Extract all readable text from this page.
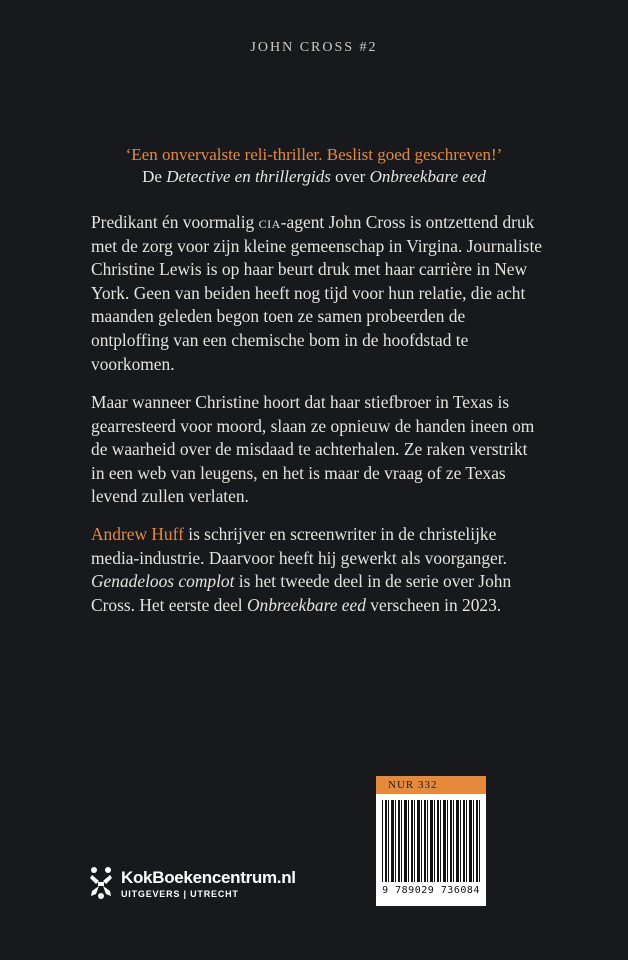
JOHN CROSS #2
‘Een onvervalste reli-thriller. Beslist goed geschreven!’
De Detective en thrillergids over Onbreekbare eed

Predikant én voormalig cia-agent John Cross is ontzettend druk met de zorg voor zijn kleine gemeenschap in Virgina. Journaliste Christine Lewis is op haar beurt druk met haar carrière in New York. Geen van beiden heeft nog tijd voor hun relatie, die acht maanden geleden begon toen ze samen probeerden de ontploffing van een chemische bom in de hoofdstad te voorkomen.

Maar wanneer Christine hoort dat haar stiefbroer in Texas is gearresteerd voor moord, slaan ze opnieuw de handen ineen om de waarheid over de misdaad te achterhalen. Ze raken verstrikt in een web van leugens, en het is maar de vraag of ze Texas levend zullen verlaten.

Andrew Huff is schrijver en screenwriter in de christelijke media-industrie. Daarvoor heeft hij gewerkt als voorganger. Genadeloos complot is het tweede deel in de serie over John Cross. Het eerste deel Onbreekbare eed verscheen in 2023.

NUR 332
9 789029 736084
KokBoekencentrum.nl
UITGEVERS | UTRECHT
